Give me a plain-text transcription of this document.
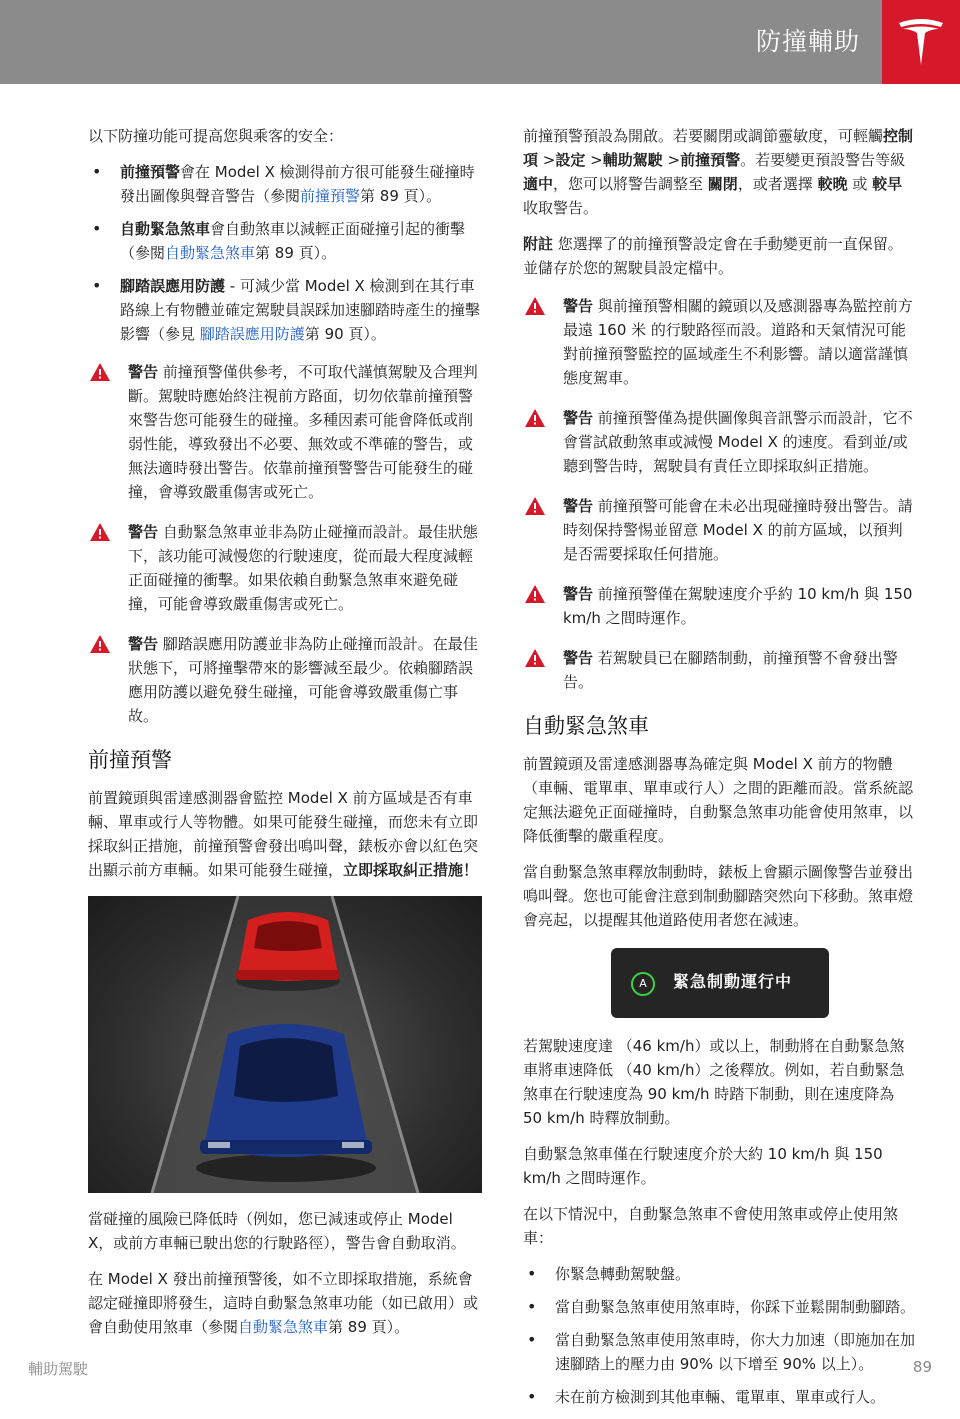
防撞輔助

以下防撞功能可提高您與乘客的安全：

• 前撞預警會在 Model X 檢測得前方很可能發生碰撞時發出圖像與聲音警告（參閱前撞預警第 89 頁）。
• 自動緊急煞車會自動煞車以減輕正面碰撞引起的衝擊（參閱自動緊急煞車第 89 頁）。
• 腳踏誤應用防護 - 可減少當 Model X 檢測到在其行車路線上有物體並確定駕駛員誤踩加速腳踏時產生的撞擊影響（參見 腳踏誤應用防護第 90 頁）。
警告 前撞預警僅供參考，不可取代謹慎駕駛及合理判斷。駕駛時應始終注視前方路面，切勿依靠前撞預警來警告您可能發生的碰撞。多種因素可能會降低或削弱性能，導致發出不必要、無效或不準確的警告，或無法適時發出警告。依靠前撞預警警告可能發生的碰撞，會導致嚴重傷害或死亡。
警告 自動緊急煞車並非為防止碰撞而設計。最佳狀態下，該功能可減慢您的行駛速度，從而最大程度減輕正面碰撞的衝擊。如果依賴自動緊急煞車來避免碰撞，可能會導致嚴重傷害或死亡。
警告 腳踏誤應用防護並非為防止碰撞而設計。在最佳狀態下，可將撞擊帶來的影響減至最少。依賴腳踏誤應用防護以避免發生碰撞，可能會導致嚴重傷亡事故。
前撞預警

前置鏡頭與雷達感測器會監控 Model X 前方區域是否有車輛、單車或行人等物體。如果可能發生碰撞，而您未有立即採取糾正措施，前撞預警會發出鳴叫聲，錶板亦會以紅色突出顯示前方車輛。如果可能發生碰撞，立即採取糾正措施！

當碰撞的風險已降低時（例如，您已減速或停止 Model X，或前方車輛已駛出您的行駛路徑），警告會自動取消。

在 Model X 發出前撞預警後，如不立即採取措施，系統會認定碰撞即將發生，這時自動緊急煞車功能（如已啟用）或會自動使用煞車（參閱自動緊急煞車第 89 頁）。

前撞預警預設為開啟。若要關閉或調節靈敏度，可輕觸控制項 >設定 >輔助駕駛 >前撞預警。若要變更預設警告等級 適中，您可以將警告調整至 關閉，或者選擇 較晚 或 較早 收取警告。

附註 您選擇了的前撞預警設定會在手動變更前一直保留。並儲存於您的駕駛員設定檔中。

警告 與前撞預警相關的鏡頭以及感測器專為監控前方最遠 160 米 的行駛路徑而設。道路和天氣情況可能對前撞預警監控的區域產生不利影響。請以適當謹慎態度駕車。
警告 前撞預警僅為提供圖像與音訊警示而設計，它不會嘗試啟動煞車或減慢 Model X 的速度。看到並/或聽到警告時，駕駛員有責任立即採取糾正措施。
警告 前撞預警可能會在未必出現碰撞時發出警告。請時刻保持警惕並留意 Model X 的前方區域，以預判是否需要採取任何措施。
警告 前撞預警僅在駕駛速度介乎約 10 km/h 與 150 km/h 之間時運作。
警告 若駕駛員已在腳踏制動，前撞預警不會發出警告。
自動緊急煞車

前置鏡頭及雷達感測器專為確定與 Model X 前方的物體（車輛、電單車、單車或行人）之間的距離而設。當系統認定無法避免正面碰撞時，自動緊急煞車功能會使用煞車，以降低衝擊的嚴重程度。

當自動緊急煞車釋放制動時，錶板上會顯示圖像警告並發出鳴叫聲。您也可能會注意到制動腳踏突然向下移動。煞車燈會亮起，以提醒其他道路使用者您在減速。

A	緊急制動運行中

若駕駛速度達 （46 km/h）或以上，制動將在自動緊急煞車將車速降低 （40 km/h）之後釋放。例如，若自動緊急煞車在行駛速度為 90 km/h 時踏下制動，則在速度降為 50 km/h 時釋放制動。

自動緊急煞車僅在行駛速度介於大約 10 km/h 與 150 km/h 之間時運作。

在以下情況中，自動緊急煞車不會使用煞車或停止使用煞車：

• 你緊急轉動駕駛盤。
• 當自動緊急煞車使用煞車時，你踩下並鬆開制動腳踏。
• 當自動緊急煞車使用煞車時，你大力加速（即施加在加速腳踏上的壓力由 90% 以下增至 90% 以上）。
• 未在前方檢測到其他車輛、電單車、單車或行人。
輔助駕駛	89
